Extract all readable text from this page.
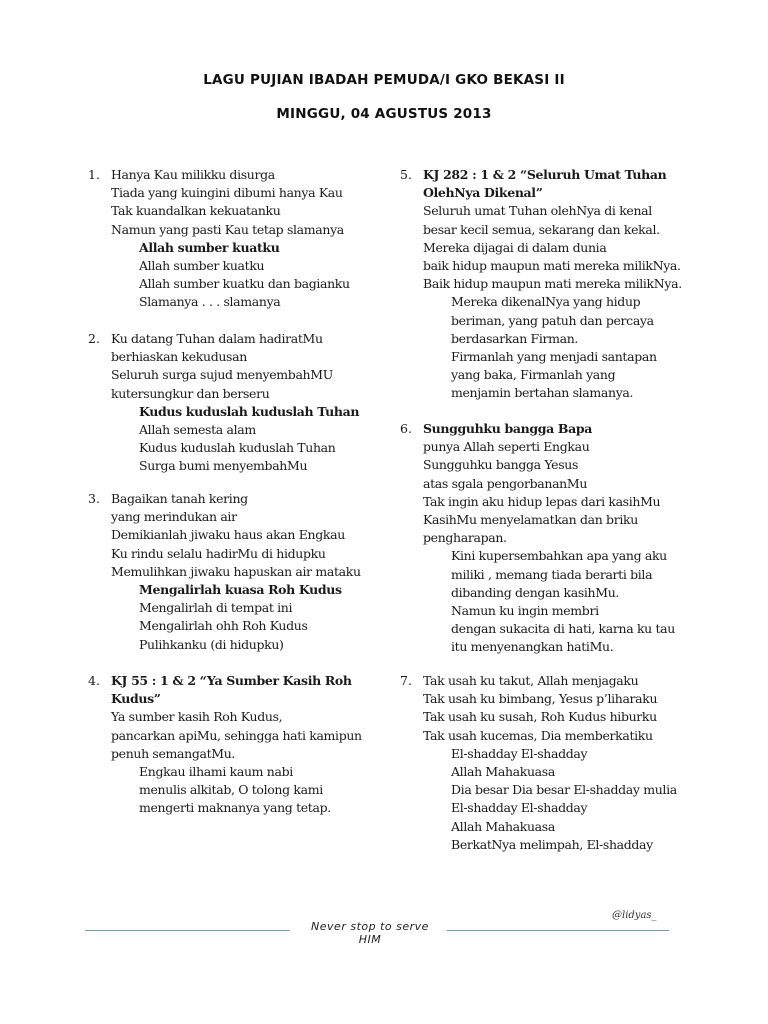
LAGU PUJIAN IBADAH PEMUDA/I GKO BEKASI II
MINGGU, 04 AGUSTUS 2013
1. Hanya Kau milikku disurga
Tiada yang kuingini dibumi hanya Kau
Tak kuandalkan kekuatanku
Namun yang pasti Kau tetap slamanya
Allah sumber kuatku
Allah sumber kuatku
Allah sumber kuatku dan bagianku
Slamanya . . . slamanya
2. Ku datang Tuhan dalam hadiratMu
berhiaskan kekudusan
Seluruh surga sujud menyembahMU
kutersungkur dan berseru
Kudus kuduslah kuduslah Tuhan
Allah semesta alam
Kudus kuduslah kuduslah Tuhan
Surga bumi menyembahMu
3. Bagaikan tanah kering
yang merindukan air
Demikianlah jiwaku haus akan Engkau
Ku rindu selalu hadirMu di hidupku
Memulihkan jiwaku hapuskan air mataku
Mengalirlah kuasa Roh Kudus
Mengalirlah di tempat ini
Mengalirlah ohh Roh Kudus
Pulihkanku (di hidupku)
4. KJ 55 : 1 & 2 “Ya Sumber Kasih Roh Kudus”
Ya sumber kasih Roh Kudus,
pancarkan apiMu, sehingga hati kamipun
penuh semangatMu.
Engkau ilhami kaum nabi
menulis alkitab, O tolong kami
mengerti maknanya yang tetap.
5. KJ 282 : 1 & 2 “Seluruh Umat Tuhan OlehNya Dikenal”
Seluruh umat Tuhan olehNya di kenal
besar kecil semua, sekarang dan kekal.
Mereka dijagai di dalam dunia
baik hidup maupun mati mereka milikNya.
Baik hidup maupun mati mereka milikNya.
Mereka dikenalNya yang hidup
beriman, yang patuh dan percaya
berdasarkan Firman.
Firmanlah yang menjadi santapan
yang baka, Firmanlah yang
menjamin bertahan slamanya.
6. Sungguhku bangga Bapa
punya Allah seperti Engkau
Sungguhku bangga Yesus
atas sgala pengorbananMu
Tak ingin aku hidup lepas dari kasihMu
KasihMu menyelamatkan dan briku
pengharapan.
Kini kupersembahkan apa yang aku
miliki , memang tiada berarti bila
dibanding dengan kasihMu.
Namun ku ingin membri
dengan sukacita di hati, karna ku tau
itu menyenangkan hatiMu.
7. Tak usah ku takut, Allah menjagaku
Tak usah ku bimbang, Yesus p’liharaku
Tak usah ku susah, Roh Kudus hiburku
Tak usah kucemas, Dia memberkatiku
El-shadday El-shadday
Allah Mahakuasa
Dia besar Dia besar El-shadday mulia
El-shadday El-shadday
Allah Mahakuasa
BerkatNya melimpah, El-shadday
Never stop to serve HIM
@lidyas_
